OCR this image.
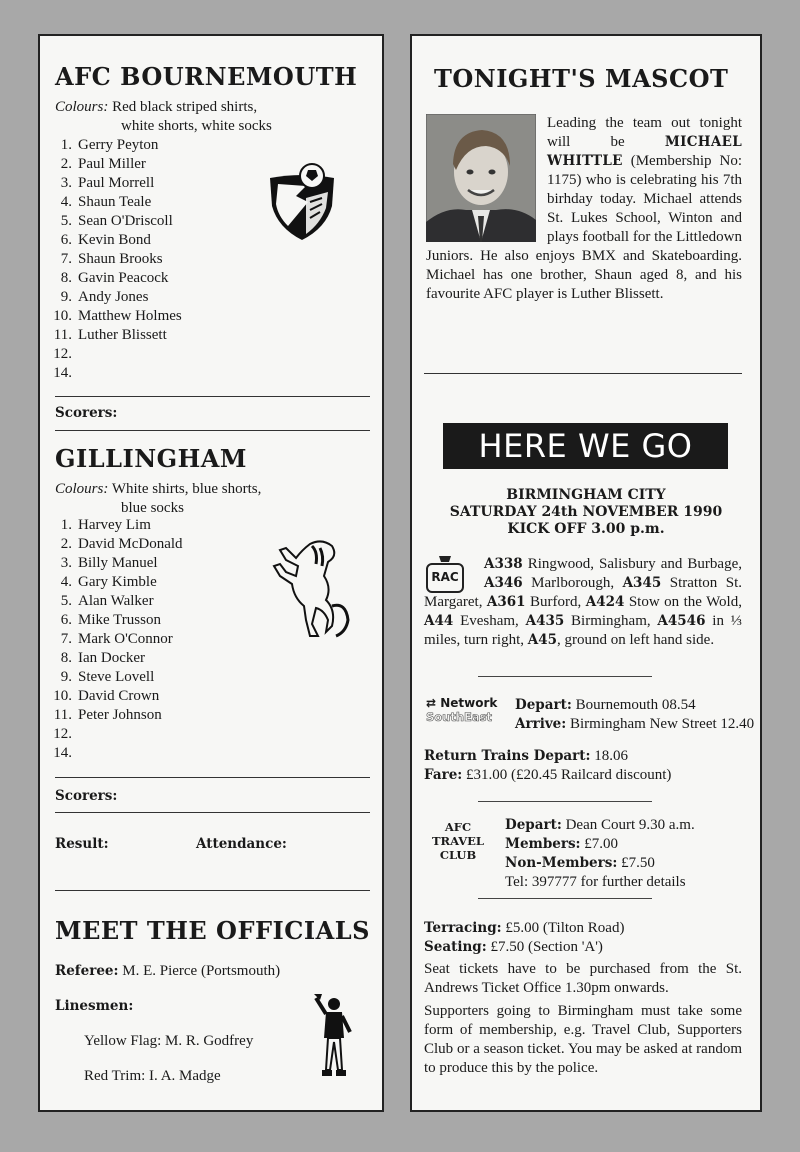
AFC BOURNEMOUTH
Colours: Red black striped shirts,
white shorts, white socks
1. Gerry Peyton
2. Paul Miller
3. Paul Morrell
4. Shaun Teale
5. Sean O'Driscoll
6. Kevin Bond
7. Shaun Brooks
8. Gavin Peacock
9. Andy Jones
10. Matthew Holmes
11. Luther Blissett
12.
14.
Scorers:
GILLINGHAM
Colours: White shirts, blue shorts,
blue socks
1. Harvey Lim
2. David McDonald
3. Billy Manuel
4. Gary Kimble
5. Alan Walker
6. Mike Trusson
7. Mark O'Connor
8. Ian Docker
9. Steve Lovell
10. David Crown
11. Peter Johnson
12.
14.
Scorers:
Result:	Attendance:
MEET THE OFFICIALS
Referee: M. E. Pierce (Portsmouth)
Linesmen:
Yellow Flag: M. R. Godfrey
Red Trim: I. A. Madge
TONIGHT'S MASCOT
Leading the team out tonight will be MICHAEL WHITTLE (Membership No: 1175) who is celebrating his 7th birhday today. Michael attends St. Lukes School, Winton and plays football for the Littledown Juniors. He also enjoys BMX and Skateboarding. Michael has one brother, Shaun aged 8, and his favourite AFC player is Luther Blissett.
HERE WE GO
BIRMINGHAM CITY
SATURDAY 24th NOVEMBER 1990
KICK OFF 3.00 p.m.
RAC
A338 Ringwood, Salisbury and Burbage, A346 Marlborough, A345 Stratton St. Margaret, A361 Burford, A424 Stow on the Wold, A44 Evesham, A435 Birmingham, A4546 in ⅓ miles, turn right, A45, ground on left hand side.
⇄ Network
SouthEast
Depart: Bournemouth 08.54
Arrive: Birmingham New Street 12.40
Return Trains Depart: 18.06
Fare: £31.00 (£20.45 Railcard discount)
AFC
TRAVEL
CLUB
Depart: Dean Court 9.30 a.m.
Members: £7.00
Non-Members: £7.50
Tel: 397777 for further details
Terracing: £5.00 (Tilton Road)
Seating: £7.50 (Section 'A')
Seat tickets have to be purchased from the St. Andrews Ticket Office 1.30pm onwards.
Supporters going to Birmingham must take some form of membership, e.g. Travel Club, Supporters Club or a season ticket. You may be asked at random to produce this by the police.
